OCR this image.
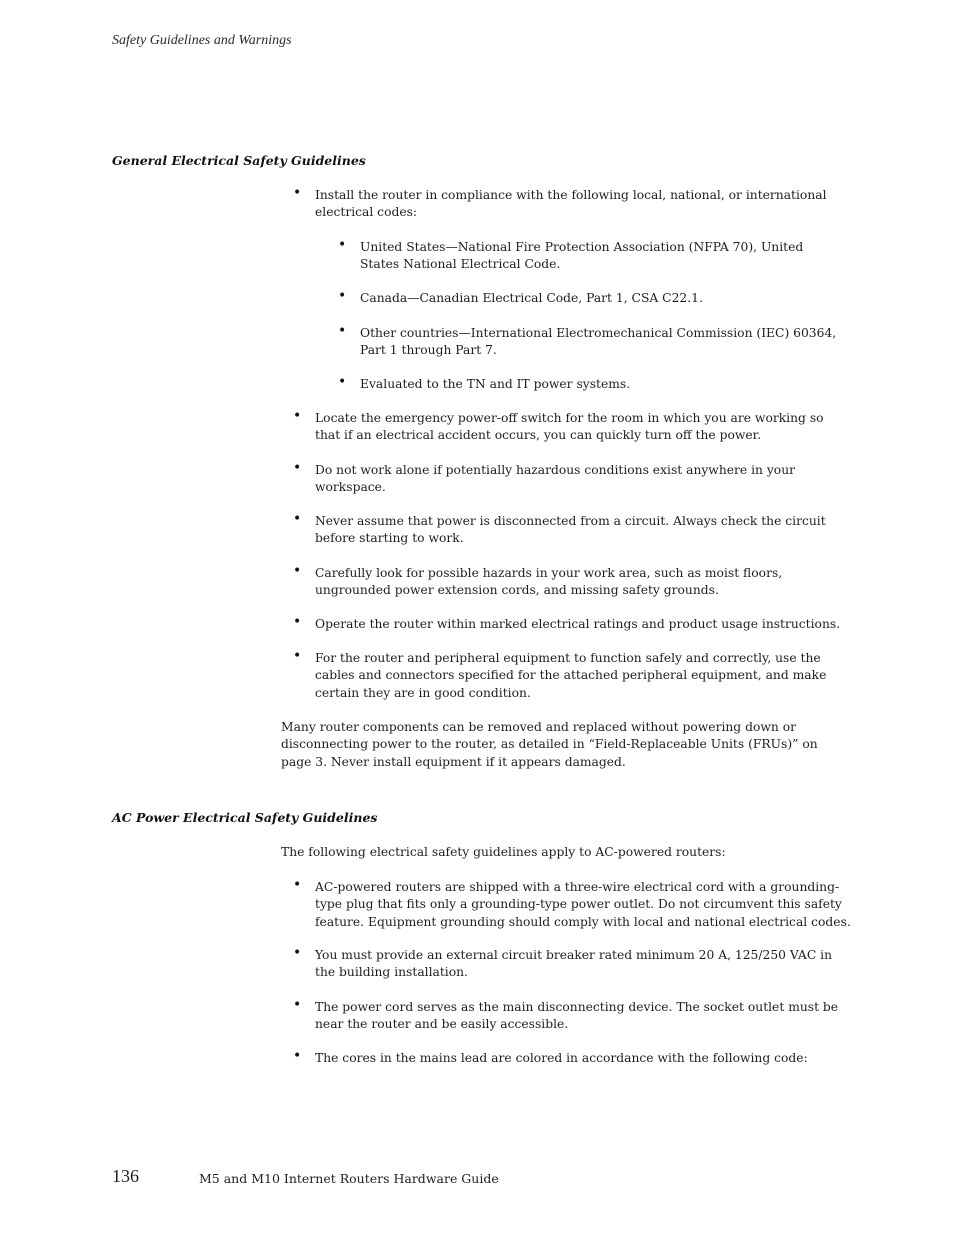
Safety Guidelines and Warnings
General Electrical Safety Guidelines
• Install the router in compliance with the following local, national, or international electrical codes:
• United States—National Fire Protection Association (NFPA 70), United States National Electrical Code.
• Canada—Canadian Electrical Code, Part 1, CSA C22.1.
• Other countries—International Electromechanical Commission (IEC) 60364, Part 1 through Part 7.
• Evaluated to the TN and IT power systems.
• Locate the emergency power-off switch for the room in which you are working so that if an electrical accident occurs, you can quickly turn off the power.
• Do not work alone if potentially hazardous conditions exist anywhere in your workspace.
• Never assume that power is disconnected from a circuit. Always check the circuit before starting to work.
• Carefully look for possible hazards in your work area, such as moist floors, ungrounded power extension cords, and missing safety grounds.
• Operate the router within marked electrical ratings and product usage instructions.
• For the router and peripheral equipment to function safely and correctly, use the cables and connectors specified for the attached peripheral equipment, and make certain they are in good condition.
Many router components can be removed and replaced without powering down or disconnecting power to the router, as detailed in “Field-Replaceable Units (FRUs)” on page 3. Never install equipment if it appears damaged.
AC Power Electrical Safety Guidelines
The following electrical safety guidelines apply to AC-powered routers:
• AC-powered routers are shipped with a three-wire electrical cord with a grounding-type plug that fits only a grounding-type power outlet. Do not circumvent this safety feature. Equipment grounding should comply with local and national electrical codes.
• You must provide an external circuit breaker rated minimum 20 A, 125/250 VAC in the building installation.
• The power cord serves as the main disconnecting device. The socket outlet must be near the router and be easily accessible.
• The cores in the mains lead are colored in accordance with the following code:
136	M5 and M10 Internet Routers Hardware Guide
